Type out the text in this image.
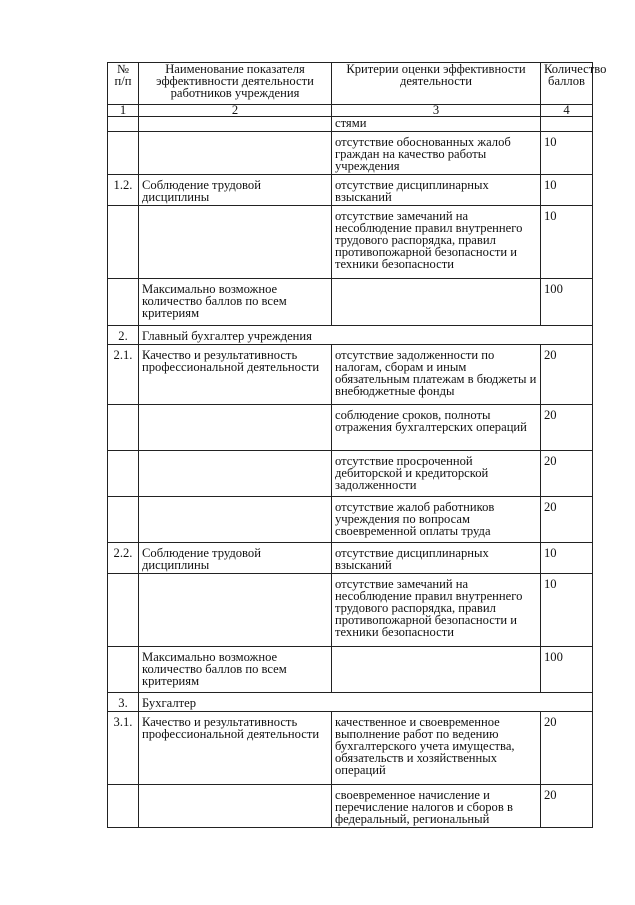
№ п/п	Наименование показателя эффективности деятельности работников учреждения	Критерии оценки эффективности деятельности	Количество баллов
1	2	3	4
		стями	
		отсутствие обоснованных жалоб граждан на качество работы учреждения	10
1.2.	Соблюдение трудовой дисциплины	отсутствие дисциплинарных взысканий	10
		отсутствие замечаний на несоблюдение правил внутреннего трудового распорядка, правил противопожарной безопасности и техники безопасности	10
	Максимально возможное количество баллов по всем критериям		100
2.	Главный бухгалтер учреждения		
2.1.	Качество и результативность профессиональной деятельности	отсутствие задолженности по налогам, сборам и иным обязательным платежам в бюджеты и внебюджетные фонды	20
		соблюдение сроков, полноты отражения бухгалтерских операций	20
		отсутствие просроченной дебиторской и кредиторской задолженности	20
		отсутствие жалоб работников учреждения по вопросам своевременной оплаты труда	20
2.2.	Соблюдение трудовой дисциплины	отсутствие дисциплинарных взысканий	10
		отсутствие замечаний на несоблюдение правил внутреннего трудового распорядка, правил противопожарной безопасности и техники безопасности	10
	Максимально возможное количество баллов по всем критериям		100
3.	Бухгалтер		
3.1.	Качество и результативность профессиональной деятельности	качественное и своевременное выполнение работ по ведению бухгалтерского учета имущества, обязательств и хозяйственных операций	20
		своевременное начисление и перечисление налогов и сборов в федеральный, региональный	20
